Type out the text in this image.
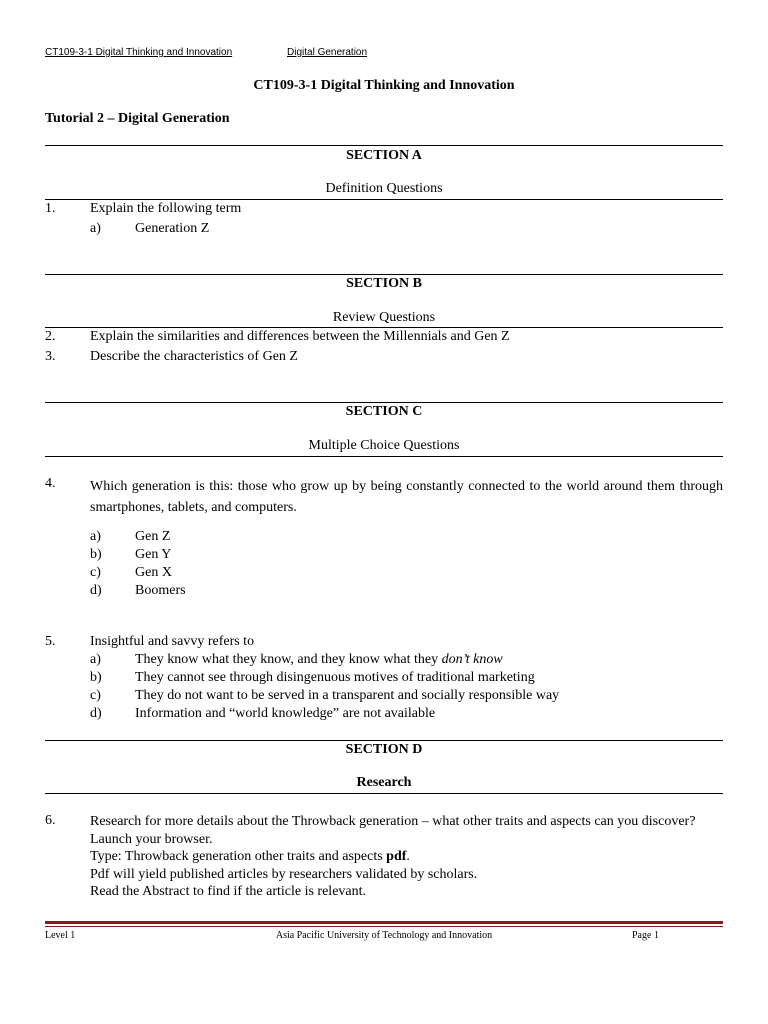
CT109-3-1 Digital Thinking and Innovation	Digital Generation
CT109-3-1 Digital Thinking and Innovation
Tutorial 2 – Digital Generation
SECTION A
Definition Questions
1. Explain the following term
a) Generation Z
SECTION B
Review Questions
2. Explain the similarities and differences between the Millennials and Gen Z
3. Describe the characteristics of Gen Z
SECTION C
Multiple Choice Questions
4. Which generation is this: those who grow up by being constantly connected to the world around them through smartphones, tablets, and computers.
a) Gen Z
b) Gen Y
c) Gen X
d) Boomers
5. Insightful and savvy refers to
a) They know what they know, and they know what they don’t know
b) They cannot see through disingenuous motives of traditional marketing
c) They do not want to be served in a transparent and socially responsible way
d) Information and “world knowledge” are not available
SECTION D
Research
6. Research for more details about the Throwback generation – what other traits and aspects can you discover?
Launch your browser.
Type: Throwback generation other traits and aspects pdf.
Pdf will yield published articles by researchers validated by scholars.
Read the Abstract to find if the article is relevant.
Level 1	Asia Pacific University of Technology and Innovation	Page 1
